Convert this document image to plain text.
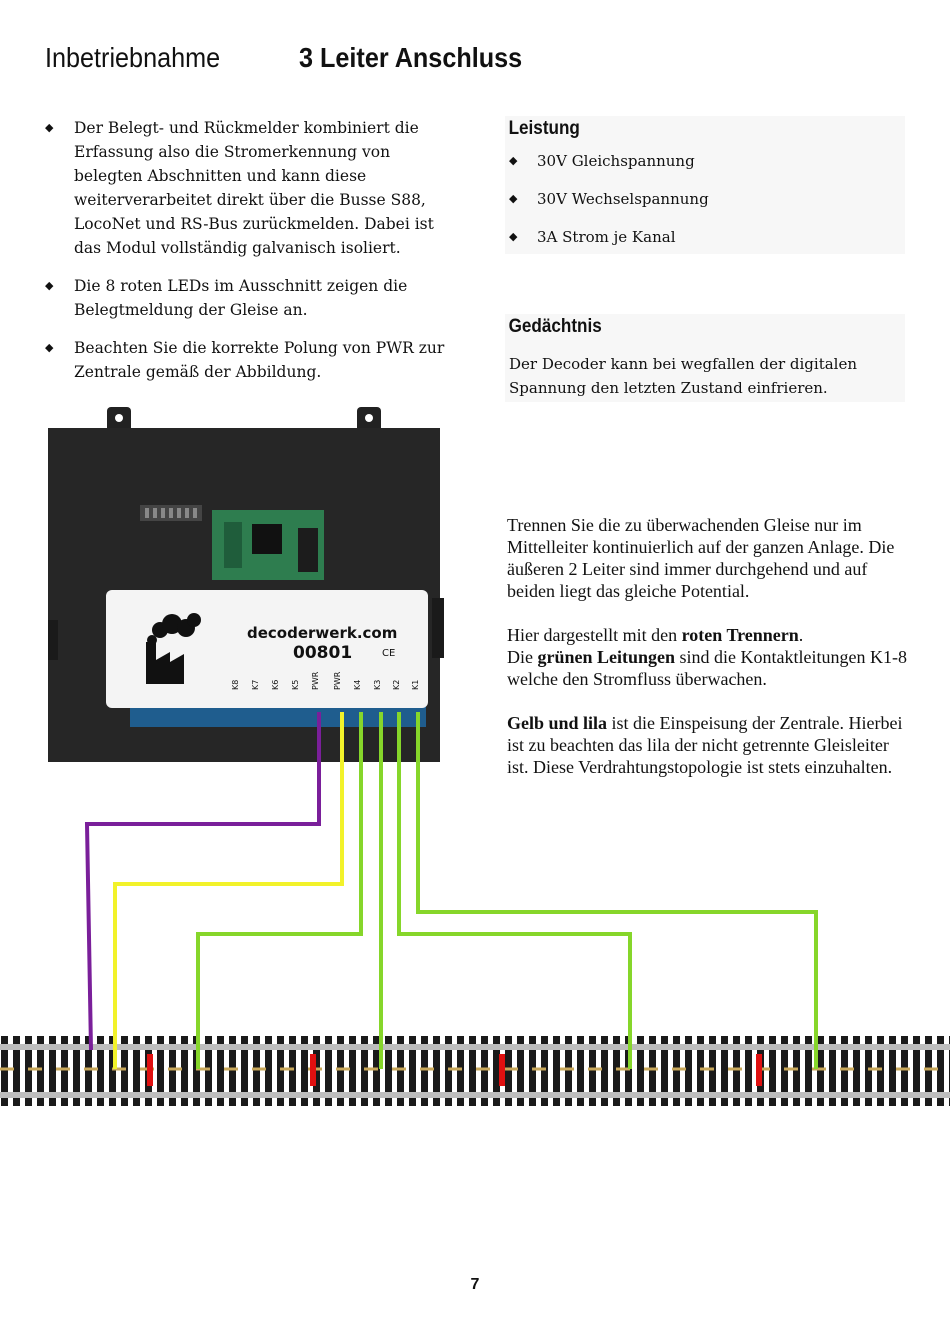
Inbetriebnahme	3 Leiter Anschluss
◆ Der Belegt- und Rückmelder kombiniert die Erfassung also die Stromerkennung von belegten Abschnitten und kann diese weiterverarbeitet direkt über die Busse S88, LocoNet und RS-Bus zurückmelden. Dabei ist das Modul vollständig galvanisch isoliert.
◆ Die 8 roten LEDs im Ausschnitt zeigen die Belegtmeldung der Gleise an.
◆ Beachten Sie die korrekte Polung von PWR zur Zentrale gemäß der Abbildung.
Leistung
◆ 30V Gleichspannung
◆ 30V Wechselspannung
◆ 3A Strom je Kanal
Gedächtnis

Der Decoder kann bei wegfallen der digitalen Spannung den letzten Zustand einfrieren.

Trennen Sie die zu überwachenden Gleise nur im Mittelleiter kontinuierlich auf der ganzen Anlage. Die äußeren 2 Leiter sind immer durchgehend und auf beiden liegt das gleiche Potential.
Hier dargestellt mit den roten Trennern.
Die grünen Leitungen sind die Kontaktleitungen K1-8 welche den Stromfluss überwachen.
Gelb und lila ist die Einspeisung der Zentrale. Hierbei ist zu beachten das lila der nicht getrennte Gleisleiter ist. Diese Verdrahtungstopologie ist stets einzuhalten.
decoderwerk.com
00801	CE
K8 K7 K6 K5 PWR PWR K4 K3 K2 K1
7
